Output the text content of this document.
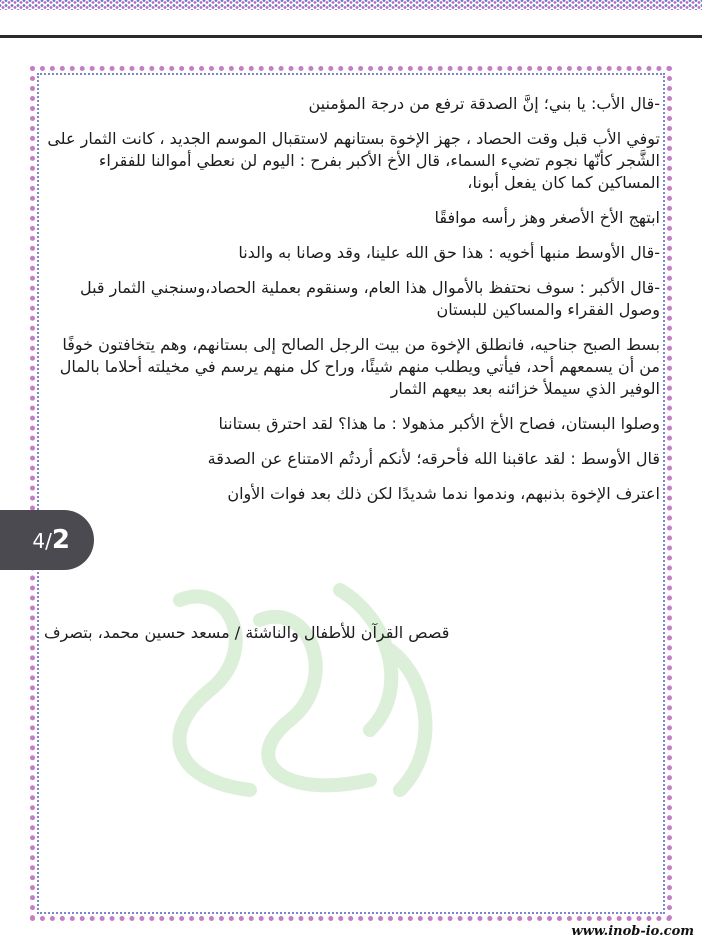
-قال الأب: يا بني؛ إنَّ الصدقة ترفع من درجة المؤمنين

توفي الأب قبل وقت الحصاد ، جهز الإخوة بستانهم لاستقبال الموسم الجديد ، كانت الثمار على الشَّجر كأنّها نجوم تضيء السماء، قال الأخ الأكبر بفرح : اليوم لن نعطي أموالنا للفقراء المساكين كما كان يفعل أبونا،

ابتهج الأخ الأصغر وهز رأسه موافقًا

-قال الأوسط منبها أخويه : هذا حق الله علينا، وقد وصانا به والدنا

-قال الأكبر : سوف نحتفظ بالأموال هذا العام، وسنقوم بعملية الحصاد،وسنجني الثمار قبل وصول الفقراء والمساكين للبستان

بسط الصبح جناحيه، فانطلق الإخوة من بيت الرجل الصالح إلى بستانهم، وهم يتخافتون خوفًا من أن يسمعهم أحد، فيأتي ويطلب منهم شيئًا، وراح كل منهم يرسم في مخيلته أحلاما بالمال الوفير الذي سيملأ خزائنه بعد بيعهم الثمار

وصلوا البستان، فصاح الأخ الأكبر مذهولا : ما هذا؟ لقد احترق بستاننا

قال الأوسط : لقد عاقبنا الله فأحرقه؛ لأنكم أردتُم الامتناع عن الصدقة

اعترف الإخوة بذنبهم، وندموا ندما شديدًا لكن ذلك بعد فوات الأوان

قصص القرآن للأطفال والناشئة / مسعد حسين محمد، بتصرف
4/2
www.inob-io.com
